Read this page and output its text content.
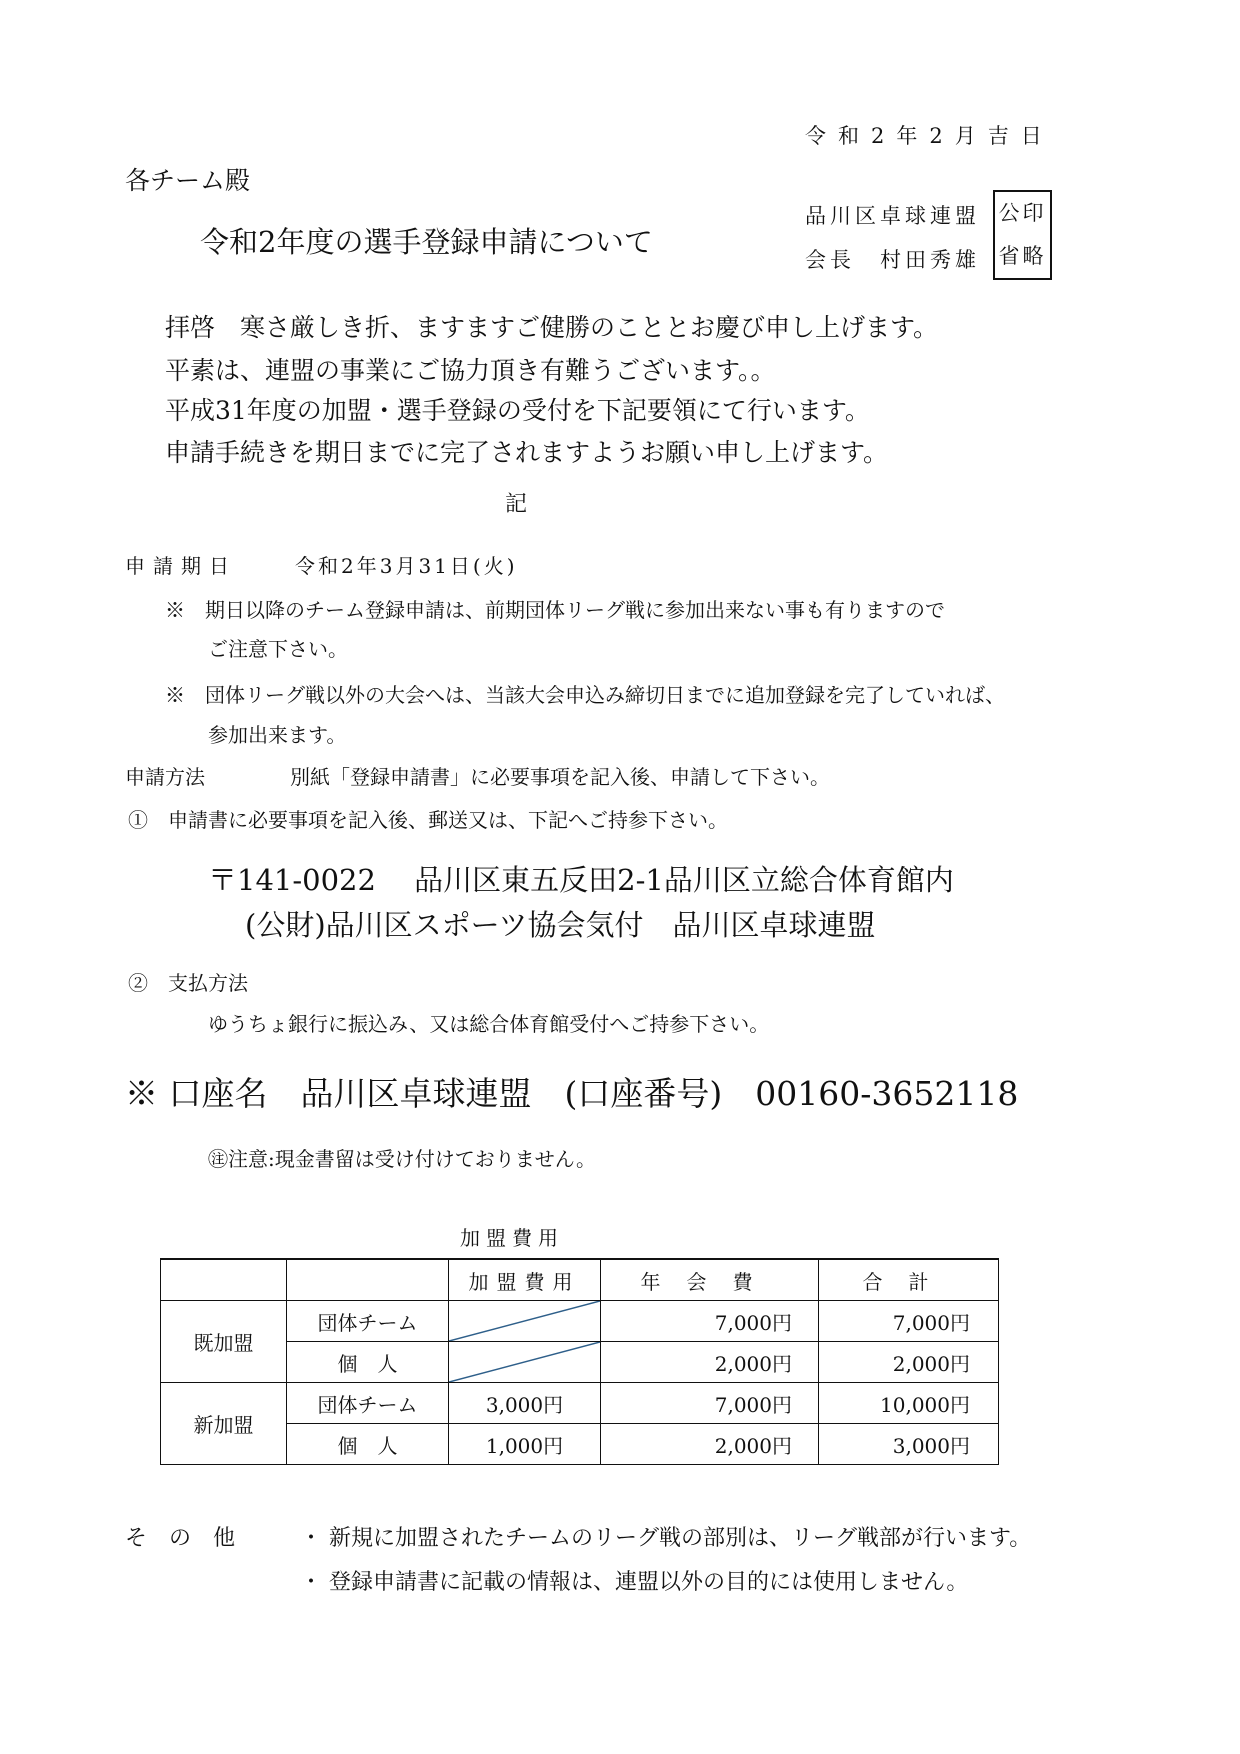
令和2年2月吉日
各チーム殿
令和2年度の選手登録申請について
品川区卓球連盟
会長　村田秀雄
公印
省略
拝啓　寒さ厳しき折、ますますご健勝のこととお慶び申し上げます。
平素は、連盟の事業にご協力頂き有難うございます。。
平成31年度の加盟・選手登録の受付を下記要領にて行います。
申請手続きを期日までに完了されますようお願い申し上げます。
記
申請期日	令和2年3月31日(火)
※　期日以降のチーム登録申請は、前期団体リーグ戦に参加出来ない事も有りますので
ご注意下さい。
※　団体リーグ戦以外の大会へは、当該大会申込み締切日までに追加登録を完了していれば、
参加出来ます。
申請方法	別紙「登録申請書」に必要事項を記入後、申請して下さい。
①　申請書に必要事項を記入後、郵送又は、下記へご持参下さい。
〒141-0022　 品川区東五反田2-1品川区立総合体育館内
(公財)品川区スポーツ協会気付　品川区卓球連盟
②　支払方法
ゆうちょ銀行に振込み、又は総合体育館受付へご持参下さい。
※ 口座名　品川区卓球連盟　(口座番号)　00160-3652118
㊟注意:現金書留は受け付けておりません。
加盟費用
		加盟費用	年会費	合計
既加盟	団体チーム		7,000円	7,000円
	個　人		2,000円	2,000円
新加盟	団体チーム	3,000円	7,000円	10,000円
	個　人	1,000円	2,000円	3,000円
その他 ・ 新規に加盟されたチームのリーグ戦の部別は、リーグ戦部が行います。
・ 登録申請書に記載の情報は、連盟以外の目的には使用しません。
